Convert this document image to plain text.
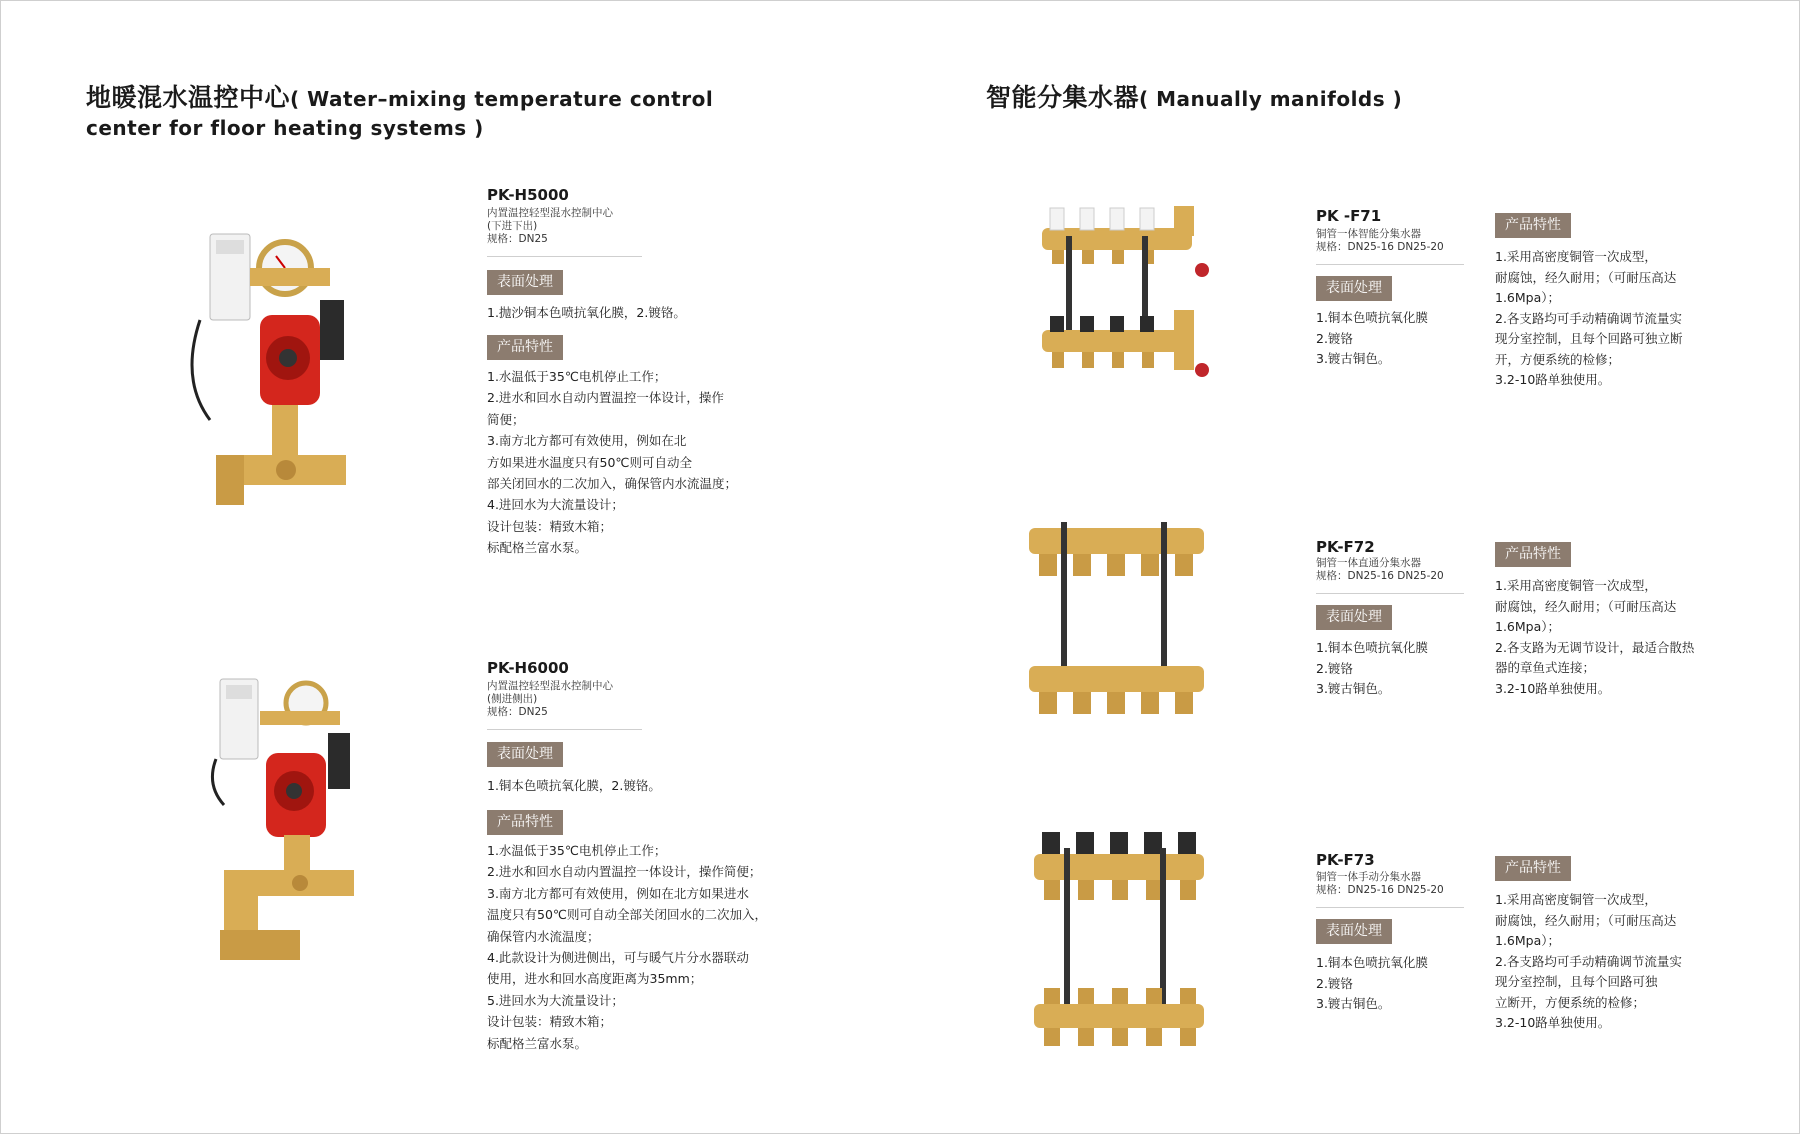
地暖混水温控中心( Water–mixing temperature control
center for floor heating systems )
PK-H5000
内置温控轻型混水控制中心
(下进下出)
规格：DN25
表面处理
1.抛沙铜本色喷抗氧化膜，2.镀铬。
产品特性
1.水温低于35℃电机停止工作；
2.进水和回水自动内置温控一体设计，操作
简便；
3.南方北方都可有效使用，例如在北
方如果进水温度只有50℃则可自动全
部关闭回水的二次加入，确保管内水流温度；
4.进回水为大流量设计；
设计包装：精致木箱；
标配格兰富水泵。
PK-H6000
内置温控轻型混水控制中心
(侧进侧出)
规格：DN25
表面处理
1.铜本色喷抗氧化膜，2.镀铬。
产品特性
1.水温低于35℃电机停止工作；
2.进水和回水自动内置温控一体设计，操作简便；
3.南方北方都可有效使用，例如在北方如果进水
温度只有50℃则可自动全部关闭回水的二次加入，
确保管内水流温度；
4.此款设计为侧进侧出，可与暖气片分水器联动
使用，进水和回水高度距离为35mm；
5.进回水为大流量设计；
设计包装：精致木箱；
标配格兰富水泵。
智能分集水器( Manually manifolds )
PK -F71
铜管一体智能分集水器
规格：DN25-16 DN25-20
表面处理
1.铜本色喷抗氧化膜
2.镀铬
3.镀古铜色。
产品特性
1.采用高密度铜管一次成型，
耐腐蚀，经久耐用；（可耐压高达
1.6Mpa）；
2.各支路均可手动精确调节流量实
现分室控制，且每个回路可独立断
开，方便系统的检修；
3.2-10路单独使用。
PK-F72
铜管一体直通分集水器
规格：DN25-16 DN25-20
表面处理
1.铜本色喷抗氧化膜
2.镀铬
3.镀古铜色。
产品特性
1.采用高密度铜管一次成型，
耐腐蚀，经久耐用；（可耐压高达
1.6Mpa）；
2.各支路为无调节设计，最适合散热
器的章鱼式连接；
3.2-10路单独使用。
PK-F73
铜管一体手动分集水器
规格：DN25-16 DN25-20
表面处理
1.铜本色喷抗氧化膜
2.镀铬
3.镀古铜色。
产品特性
1.采用高密度铜管一次成型，
耐腐蚀，经久耐用；（可耐压高达
1.6Mpa）；
2.各支路均可手动精确调节流量实
现分室控制，且每个回路可独
立断开，方便系统的检修；
3.2-10路单独使用。
